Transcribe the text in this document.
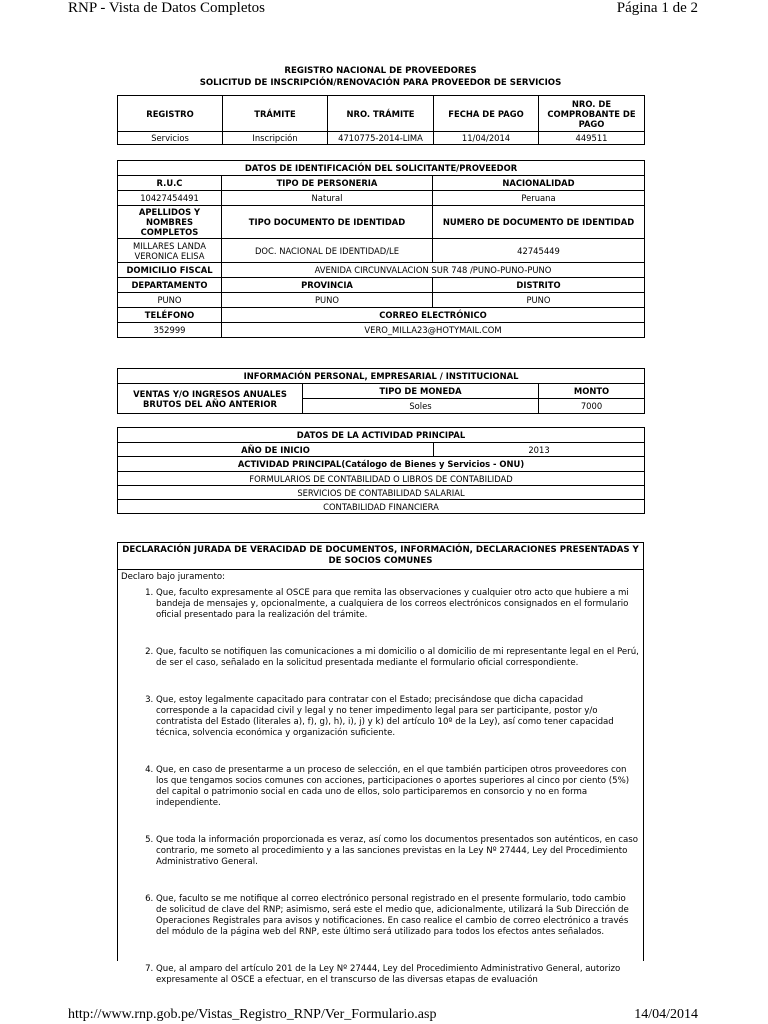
RNP - Vista de Datos Completos	Página 1 de 2
REGISTRO NACIONAL DE PROVEEDORES
SOLICITUD DE INSCRIPCIÓN/RENOVACIÓN PARA PROVEEDOR DE SERVICIOS
REGISTRO	TRÁMITE	NRO. TRÁMITE	FECHA DE PAGO	NRO. DE COMPROBANTE DE PAGO
Servicios	Inscripción	4710775-2014-LIMA	11/04/2014	449511
DATOS DE IDENTIFICACIÓN DEL SOLICITANTE/PROVEEDOR		
R.U.C	TIPO DE PERSONERIA	NACIONALIDAD
10427454491	Natural	Peruana
APELLIDOS Y NOMBRES COMPLETOS	TIPO DOCUMENTO DE IDENTIDAD	NUMERO DE DOCUMENTO DE IDENTIDAD
MILLARES LANDA VERONICA ELISA	DOC. NACIONAL DE IDENTIDAD/LE	42745449
DOMICILIO FISCAL	AVENIDA CIRCUNVALACION SUR 748 /PUNO-PUNO-PUNO	
DEPARTAMENTO	PROVINCIA	DISTRITO
PUNO	PUNO	PUNO
TELÉFONO	CORREO ELECTRÓNICO	
352999	VERO_MILLA23@HOTYMAIL.COM	
INFORMACIÓN PERSONAL, EMPRESARIAL / INSTITUCIONAL		
VENTAS Y/O INGRESOS ANUALES BRUTOS DEL AÑO ANTERIOR	TIPO DE MONEDA	MONTO
	Soles	7000
DATOS DE LA ACTIVIDAD PRINCIPAL
AÑO DE INICIO	2013
ACTIVIDAD PRINCIPAL(Catálogo de Bienes y Servicios - ONU)
FORMULARIOS DE CONTABILIDAD O LIBROS DE CONTABILIDAD
SERVICIOS DE CONTABILIDAD SALARIAL
CONTABILIDAD FINANCIERA
DECLARACIÓN JURADA DE VERACIDAD DE DOCUMENTOS, INFORMACIÓN, DECLARACIONES PRESENTADAS Y DE SOCIOS COMUNES
Declaro bajo juramento:
1. Que, faculto expresamente al OSCE para que remita las observaciones y cualquier otro acto que hubiere a mi bandeja de mensajes y, opcionalmente, a cualquiera de los correos electrónicos consignados en el formulario oficial presentado para la realización del trámite.
2. Que, faculto se notifiquen las comunicaciones a mi domicilio o al domicilio de mi representante legal en el Perú, de ser el caso, señalado en la solicitud presentada mediante el formulario oficial correspondiente.
3. Que, estoy legalmente capacitado para contratar con el Estado; precisándose que dicha capacidad corresponde a la capacidad civil y legal y no tener impedimento legal para ser participante, postor y/o contratista del Estado (literales a), f), g), h), i), j) y k) del artículo 10º de la Ley), así como tener capacidad técnica, solvencia económica y organización suficiente.
4. Que, en caso de presentarme a un proceso de selección, en el que también participen otros proveedores con los que tengamos socios comunes con acciones, participaciones o aportes superiores al cinco por ciento (5%) del capital o patrimonio social en cada uno de ellos, solo participaremos en consorcio y no en forma independiente.
5. Que toda la información proporcionada es veraz, así como los documentos presentados son auténticos, en caso contrario, me someto al procedimiento y a las sanciones previstas en la Ley Nº 27444, Ley del Procedimiento Administrativo General.
6. Que, faculto se me notifique al correo electrónico personal registrado en el presente formulario, todo cambio de solicitud de clave del RNP; asimismo, será este el medio que, adicionalmente, utilizará la Sub Dirección de Operaciones Registrales para avisos y notificaciones. En caso realice el cambio de correo electrónico a través del módulo de la página web del RNP, este último será utilizado para todos los efectos antes señalados.
7. Que, al amparo del artículo 201 de la Ley Nº 27444, Ley del Procedimiento Administrativo General, autorizo expresamente al OSCE a efectuar, en el transcurso de las diversas etapas de evaluación
http://www.rnp.gob.pe/Vistas_Registro_RNP/Ver_Formulario.asp	14/04/2014
